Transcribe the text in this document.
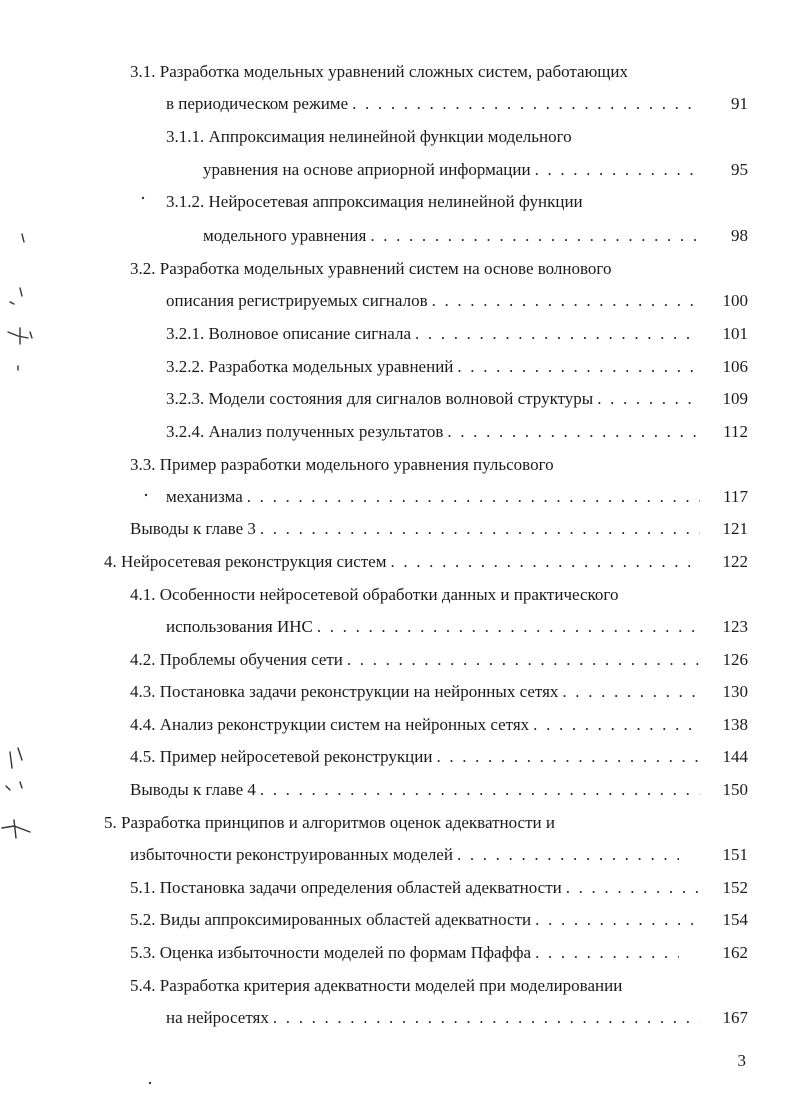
3.1. Разработка модельных уравнений сложных систем, работающих
в периодическом режиме . . .	91
3.1.1. Аппроксимация нелинейной функции модельного
уравнения на основе априорной информации . . .	95
3.1.2. Нейросетевая аппроксимация нелинейной функции
модельного уравнения . . .	98
3.2. Разработка модельных уравнений систем на основе волнового
описания регистрируемых сигналов . . .	100
3.2.1. Волновое описание сигнала . . .	101
3.2.2. Разработка модельных уравнений . . .	106
3.2.3. Модели состояния для сигналов волновой структуры . . .	109
3.2.4. Анализ полученных результатов . . .	112
3.3. Пример разработки модельного уравнения пульсового
механизма . . .	117
Выводы к главе 3 . . .	121
4. Нейросетевая реконструкция систем . . .	122
4.1. Особенности нейросетевой обработки данных и практического
использования ИНС . . .	123
4.2. Проблемы обучения сети . . .	126
4.3. Постановка задачи реконструкции на нейронных сетях . . .	130
4.4. Анализ реконструкции систем на нейронных сетях . . .	138
4.5. Пример нейросетевой реконструкции . . .	144
Выводы к главе 4 . . .	150
5. Разработка принципов и алгоритмов оценок адекватности и
избыточности реконструированных моделей . . .	151
5.1. Постановка задачи определения областей адекватности . . .	152
5.2. Виды аппроксимированных областей адекватности . . .	154
5.3. Оценка избыточности моделей по формам Пфаффа . . .	162
5.4. Разработка критерия адекватности моделей при моделировании
на нейросетях . . .	167
3
